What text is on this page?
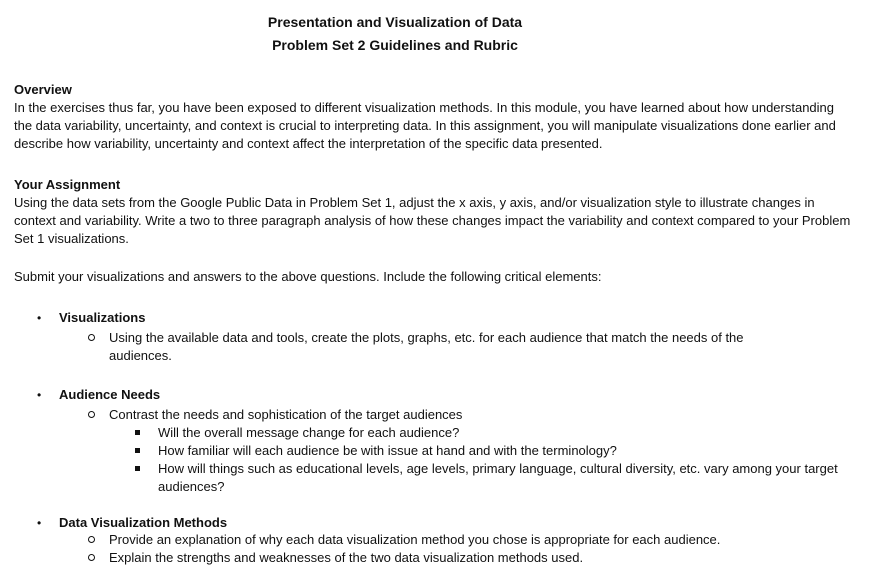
Presentation and Visualization of Data
Problem Set 2 Guidelines and Rubric
Overview

In the exercises thus far, you have been exposed to different visualization methods. In this module, you have learned about how understanding the data variability, uncertainty, and context is crucial to interpreting data. In this assignment, you will manipulate visualizations done earlier and describe how variability, uncertainty and context affect the interpretation of the specific data presented.

Your Assignment

Using the data sets from the Google Public Data in Problem Set 1, adjust the x axis, y axis, and/or visualization style to illustrate changes in context and variability. Write a two to three paragraph analysis of how these changes impact the variability and context compared to your Problem Set 1 visualizations.

Submit your visualizations and answers to the above questions. Include the following critical elements:
• Visualizations
Using the available data and tools, create the plots, graphs, etc. for each audience that match the needs of the audiences.
• Audience Needs
Contrast the needs and sophistication of the target audiences
Will the overall message change for each audience?
How familiar will each audience be with issue at hand and with the terminology?
How will things such as educational levels, age levels, primary language, cultural diversity, etc. vary among your target audiences?
• Data Visualization Methods
Provide an explanation of why each data visualization method you chose is appropriate for each audience.
Explain the strengths and weaknesses of the two data visualization methods used.
